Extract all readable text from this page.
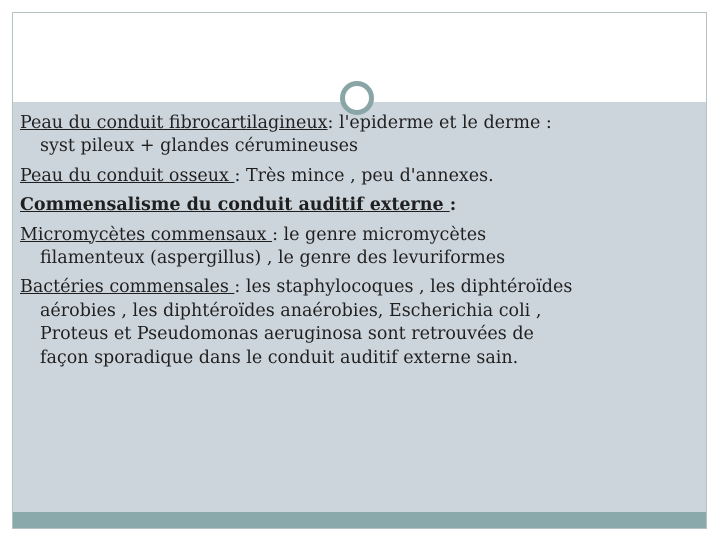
Peau du conduit fibrocartilagineux: l'epiderme et le derme :
syst pileux + glandes cérumineuses

Peau du conduit osseux : Très mince , peu d'annexes.

Commensalisme du conduit auditif externe :

Micromycètes commensaux : le genre micromycètes
filamenteux (aspergillus) , le genre des levuriformes

Bactéries commensales : les staphylocoques , les diphtéroïdes
aérobies , les diphtéroïdes anaérobies, Escherichia coli ,
Proteus et Pseudomonas aeruginosa sont retrouvées de
façon sporadique dans le conduit auditif externe sain.
